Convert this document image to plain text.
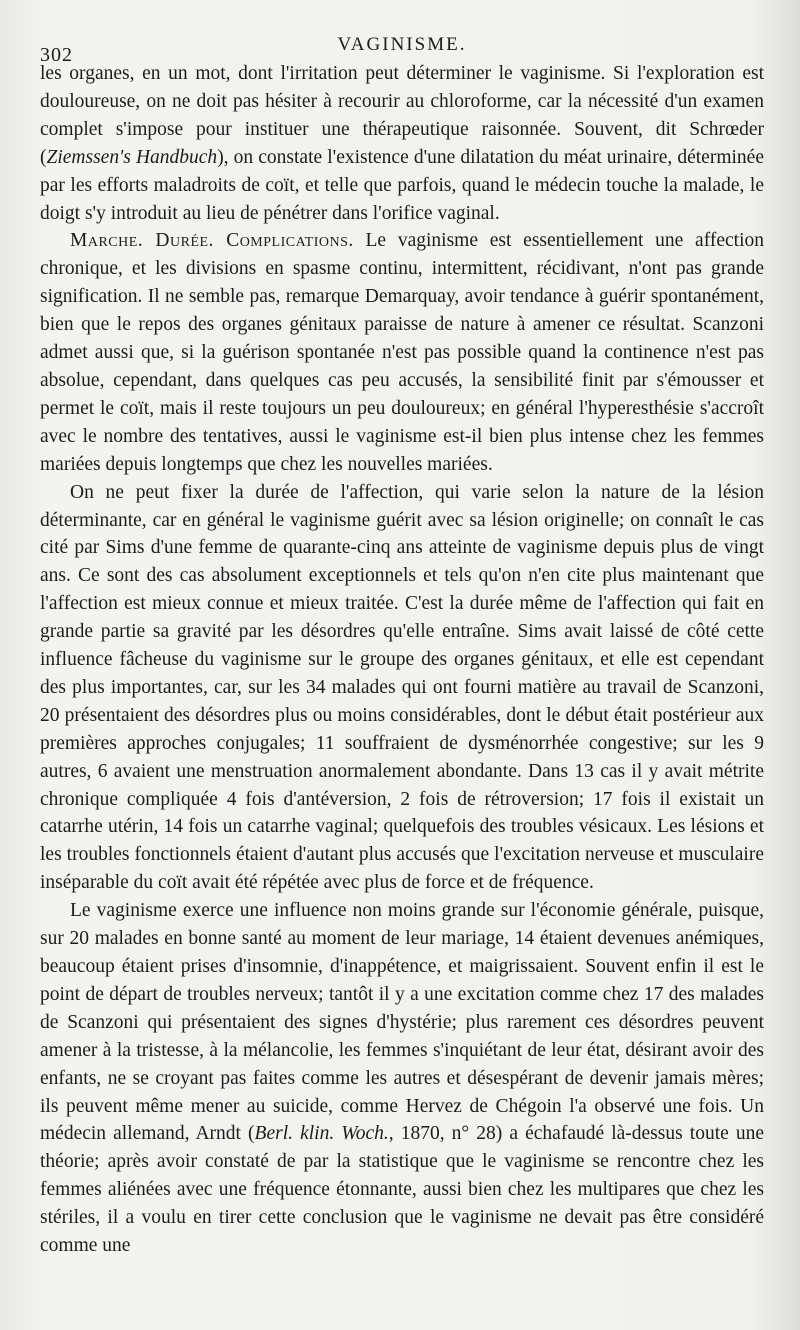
302	VAGINISME.

les organes, en un mot, dont l'irritation peut déterminer le vaginisme. Si l'exploration est douloureuse, on ne doit pas hésiter à recourir au chloroforme, car la nécessité d'un examen complet s'impose pour instituer une thérapeutique raisonnée. Souvent, dit Schrœder (Ziemssen's Handbuch), on constate l'existence d'une dilatation du méat urinaire, déterminée par les efforts maladroits de coït, et telle que parfois, quand le médecin touche la malade, le doigt s'y introduit au lieu de pénétrer dans l'orifice vaginal.

Marche. Durée. Complications. Le vaginisme est essentiellement une affection chronique, et les divisions en spasme continu, intermittent, récidivant, n'ont pas grande signification. Il ne semble pas, remarque Demarquay, avoir tendance à guérir spontanément, bien que le repos des organes génitaux paraisse de nature à amener ce résultat. Scanzoni admet aussi que, si la guérison spontanée n'est pas possible quand la continence n'est pas absolue, cependant, dans quelques cas peu accusés, la sensibilité finit par s'émousser et permet le coït, mais il reste toujours un peu douloureux; en général l'hyperesthésie s'accroît avec le nombre des tentatives, aussi le vaginisme est-il bien plus intense chez les femmes mariées depuis longtemps que chez les nouvelles mariées.

On ne peut fixer la durée de l'affection, qui varie selon la nature de la lésion déterminante, car en général le vaginisme guérit avec sa lésion originelle; on connaît le cas cité par Sims d'une femme de quarante-cinq ans atteinte de vaginisme depuis plus de vingt ans. Ce sont des cas absolument exceptionnels et tels qu'on n'en cite plus maintenant que l'affection est mieux connue et mieux traitée. C'est la durée même de l'affection qui fait en grande partie sa gravité par les désordres qu'elle entraîne. Sims avait laissé de côté cette influence fâcheuse du vaginisme sur le groupe des organes génitaux, et elle est cependant des plus importantes, car, sur les 34 malades qui ont fourni matière au travail de Scanzoni, 20 présentaient des désordres plus ou moins considérables, dont le début était postérieur aux premières approches conjugales; 11 souffraient de dysménorrhée congestive; sur les 9 autres, 6 avaient une menstruation anormalement abondante. Dans 13 cas il y avait métrite chronique compliquée 4 fois d'antéversion, 2 fois de rétroversion; 17 fois il existait un catarrhe utérin, 14 fois un catarrhe vaginal; quelquefois des troubles vésicaux. Les lésions et les troubles fonctionnels étaient d'autant plus accusés que l'excitation nerveuse et musculaire inséparable du coït avait été répétée avec plus de force et de fréquence.

Le vaginisme exerce une influence non moins grande sur l'économie générale, puisque, sur 20 malades en bonne santé au moment de leur mariage, 14 étaient devenues anémiques, beaucoup étaient prises d'insomnie, d'inappétence, et maigrissaient. Souvent enfin il est le point de départ de troubles nerveux; tantôt il y a une excitation comme chez 17 des malades de Scanzoni qui présentaient des signes d'hystérie; plus rarement ces désordres peuvent amener à la tristesse, à la mélancolie, les femmes s'inquiétant de leur état, désirant avoir des enfants, ne se croyant pas faites comme les autres et désespérant de devenir jamais mères; ils peuvent même mener au suicide, comme Hervez de Chégoin l'a observé une fois. Un médecin allemand, Arndt (Berl. klin. Woch., 1870, n° 28) a échafaudé là-dessus toute une théorie; après avoir constaté de par la statistique que le vaginisme se rencontre chez les femmes aliénées avec une fréquence étonnante, aussi bien chez les multipares que chez les stériles, il a voulu en tirer cette conclusion que le vaginisme ne devait pas être considéré comme une
